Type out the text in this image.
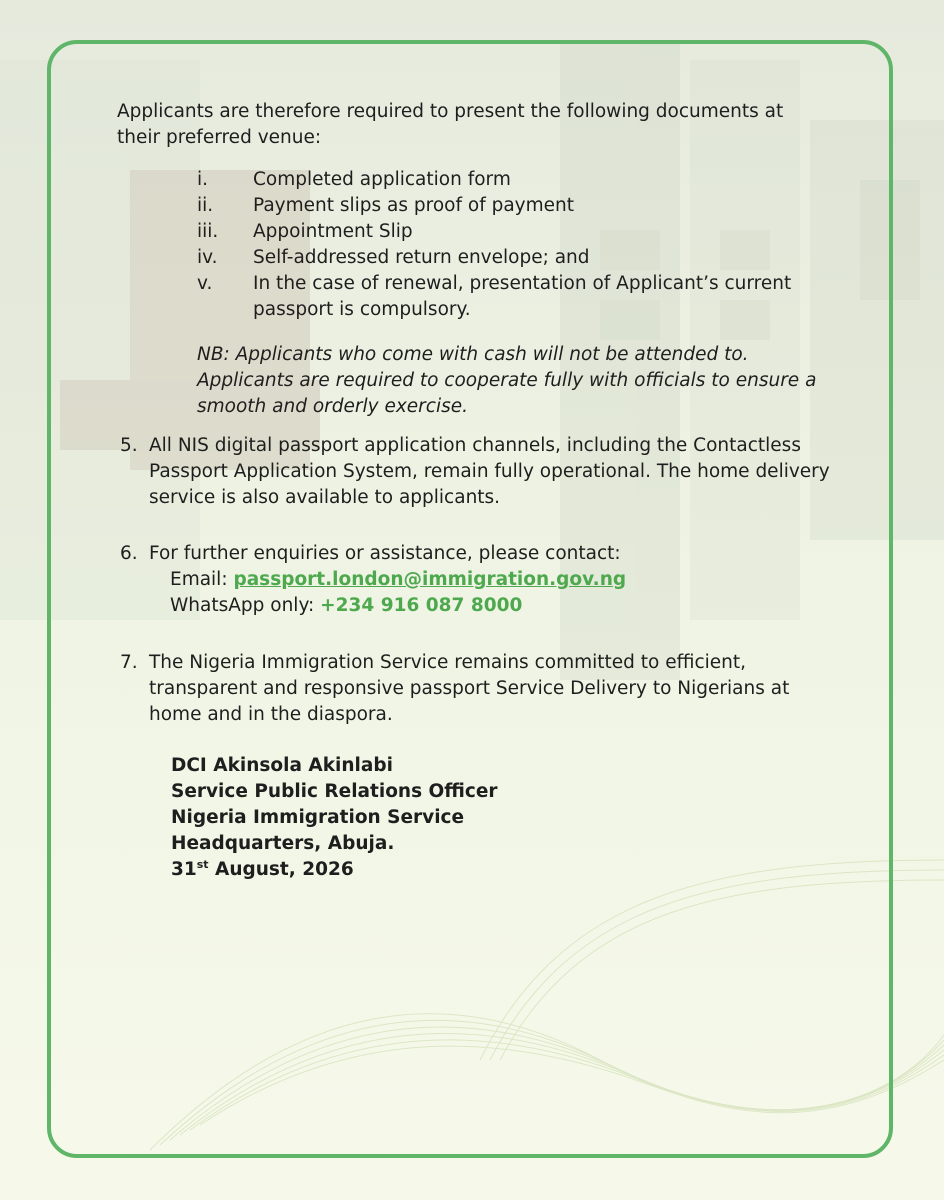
Applicants are therefore required to present the following documents at their preferred venue:
i.	Completed application form
ii.	Payment slips as proof of payment
iii.	Appointment Slip
iv.	Self-addressed return envelope; and
v.	In the case of renewal, presentation of Applicant’s current passport is compulsory.
NB: Applicants who come with cash will not be attended to. Applicants are required to cooperate fully with officials to ensure a smooth and orderly exercise.
5. All NIS digital passport application channels, including the Contactless Passport Application System, remain fully operational. The home delivery service is also available to applicants.
6. For further enquiries or assistance, please contact:
Email: passport.london@immigration.gov.ng
WhatsApp only: +234 916 087 8000
7. The Nigeria Immigration Service remains committed to efficient, transparent and responsive passport Service Delivery to Nigerians at home and in the diaspora.
DCI Akinsola Akinlabi
Service Public Relations Officer
Nigeria Immigration Service
Headquarters, Abuja.
31st August, 2026
